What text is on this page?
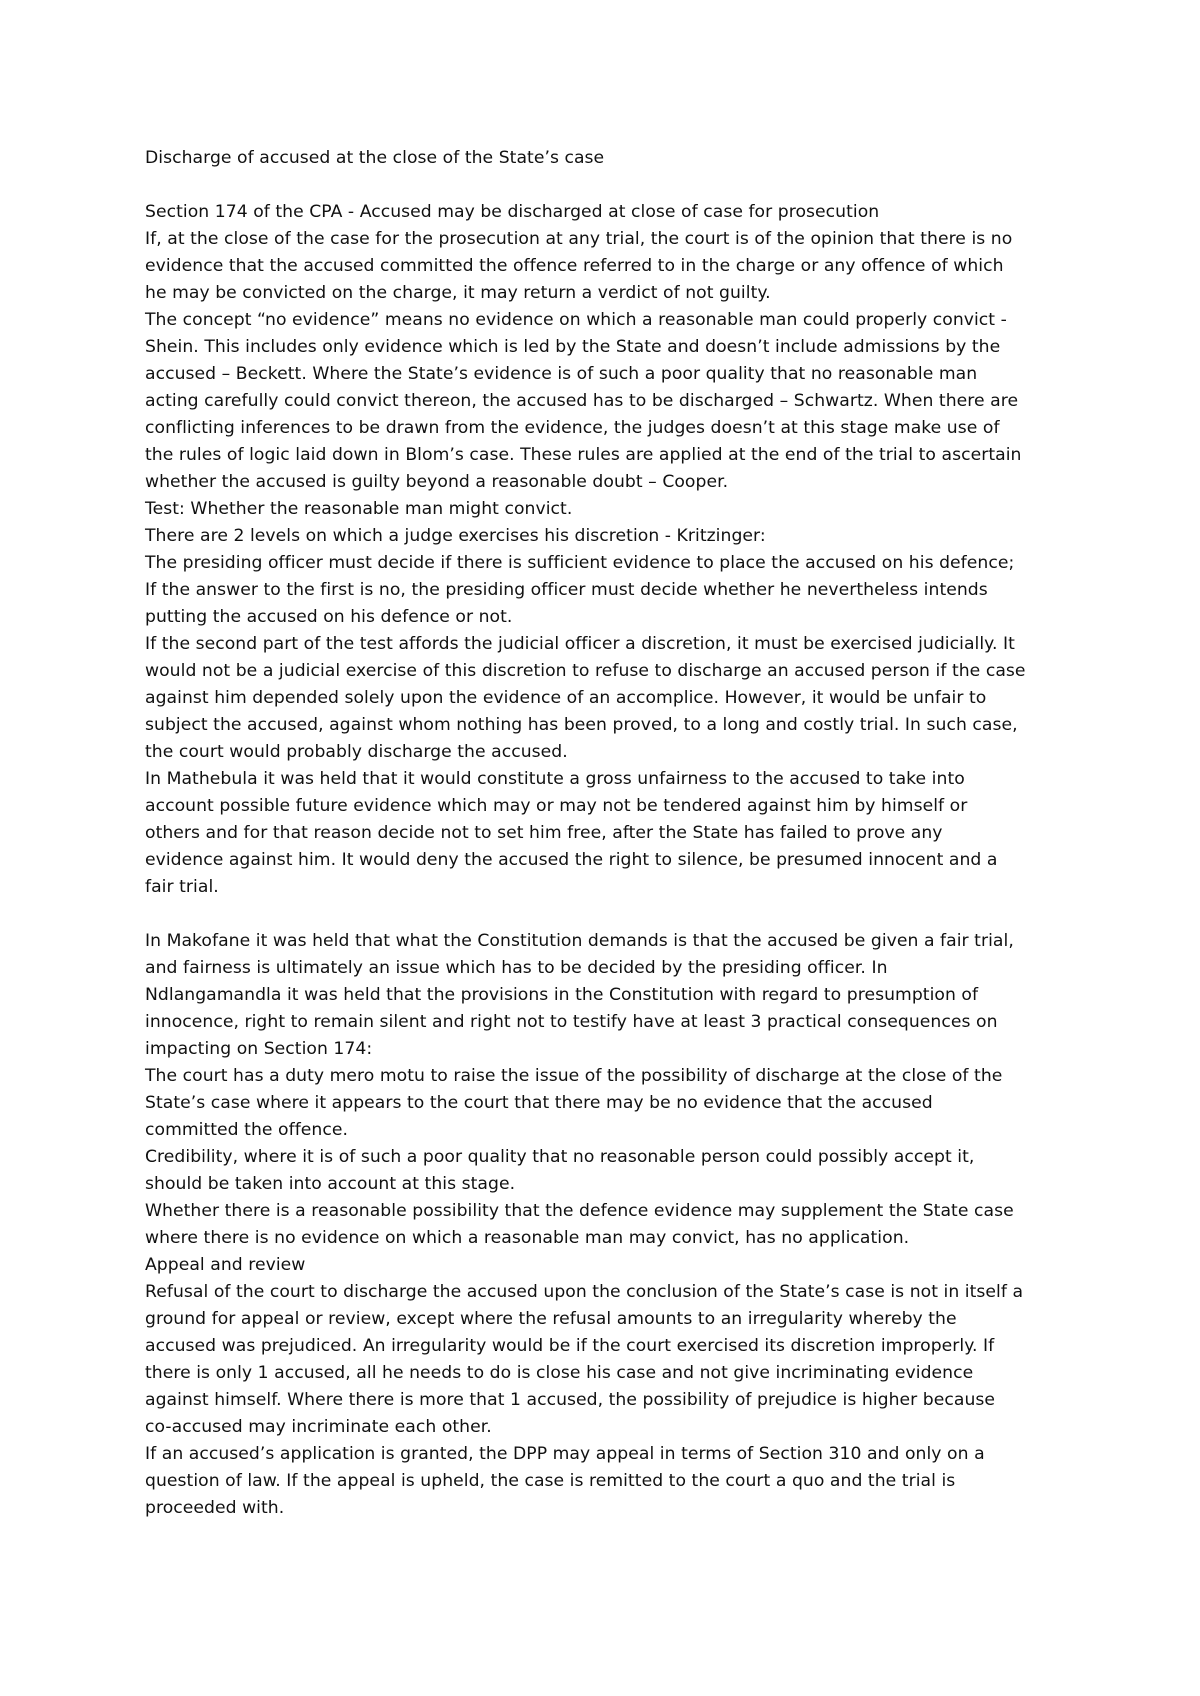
Discharge of accused at the close of the State’s case
Section 174 of the CPA - Accused may be discharged at close of case for prosecution
If, at the close of the case for the prosecution at any trial, the court is of the opinion that there is no
evidence that the accused committed the offence referred to in the charge or any offence of which
he may be convicted on the charge, it may return a verdict of not guilty.
The concept “no evidence” means no evidence on which a reasonable man could properly convict -
Shein. This includes only evidence which is led by the State and doesn’t include admissions by the
accused – Beckett. Where the State’s evidence is of such a poor quality that no reasonable man
acting carefully could convict thereon, the accused has to be discharged – Schwartz. When there are
conflicting inferences to be drawn from the evidence, the judges doesn’t at this stage make use of
the rules of logic laid down in Blom’s case. These rules are applied at the end of the trial to ascertain
whether the accused is guilty beyond a reasonable doubt – Cooper.
Test: Whether the reasonable man might convict.
There are 2 levels on which a judge exercises his discretion - Kritzinger:
The presiding officer must decide if there is sufficient evidence to place the accused on his defence;
If the answer to the first is no, the presiding officer must decide whether he nevertheless intends
putting the accused on his defence or not.
If the second part of the test affords the judicial officer a discretion, it must be exercised judicially. It
would not be a judicial exercise of this discretion to refuse to discharge an accused person if the case
against him depended solely upon the evidence of an accomplice. However, it would be unfair to
subject the accused, against whom nothing has been proved, to a long and costly trial. In such case,
the court would probably discharge the accused.
In Mathebula it was held that it would constitute a gross unfairness to the accused to take into
account possible future evidence which may or may not be tendered against him by himself or
others and for that reason decide not to set him free, after the State has failed to prove any
evidence against him. It would deny the accused the right to silence, be presumed innocent and a
fair trial.
In Makofane it was held that what the Constitution demands is that the accused be given a fair trial,
and fairness is ultimately an issue which has to be decided by the presiding officer. In
Ndlangamandla it was held that the provisions in the Constitution with regard to presumption of
innocence, right to remain silent and right not to testify have at least 3 practical consequences on
impacting on Section 174:
The court has a duty mero motu to raise the issue of the possibility of discharge at the close of the
State’s case where it appears to the court that there may be no evidence that the accused
committed the offence.
Credibility, where it is of such a poor quality that no reasonable person could possibly accept it,
should be taken into account at this stage.
Whether there is a reasonable possibility that the defence evidence may supplement the State case
where there is no evidence on which a reasonable man may convict, has no application.
Appeal and review
Refusal of the court to discharge the accused upon the conclusion of the State’s case is not in itself a
ground for appeal or review, except where the refusal amounts to an irregularity whereby the
accused was prejudiced. An irregularity would be if the court exercised its discretion improperly. If
there is only 1 accused, all he needs to do is close his case and not give incriminating evidence
against himself. Where there is more that 1 accused, the possibility of prejudice is higher because
co-accused may incriminate each other.
If an accused’s application is granted, the DPP may appeal in terms of Section 310 and only on a
question of law. If the appeal is upheld, the case is remitted to the court a quo and the trial is
proceeded with.
